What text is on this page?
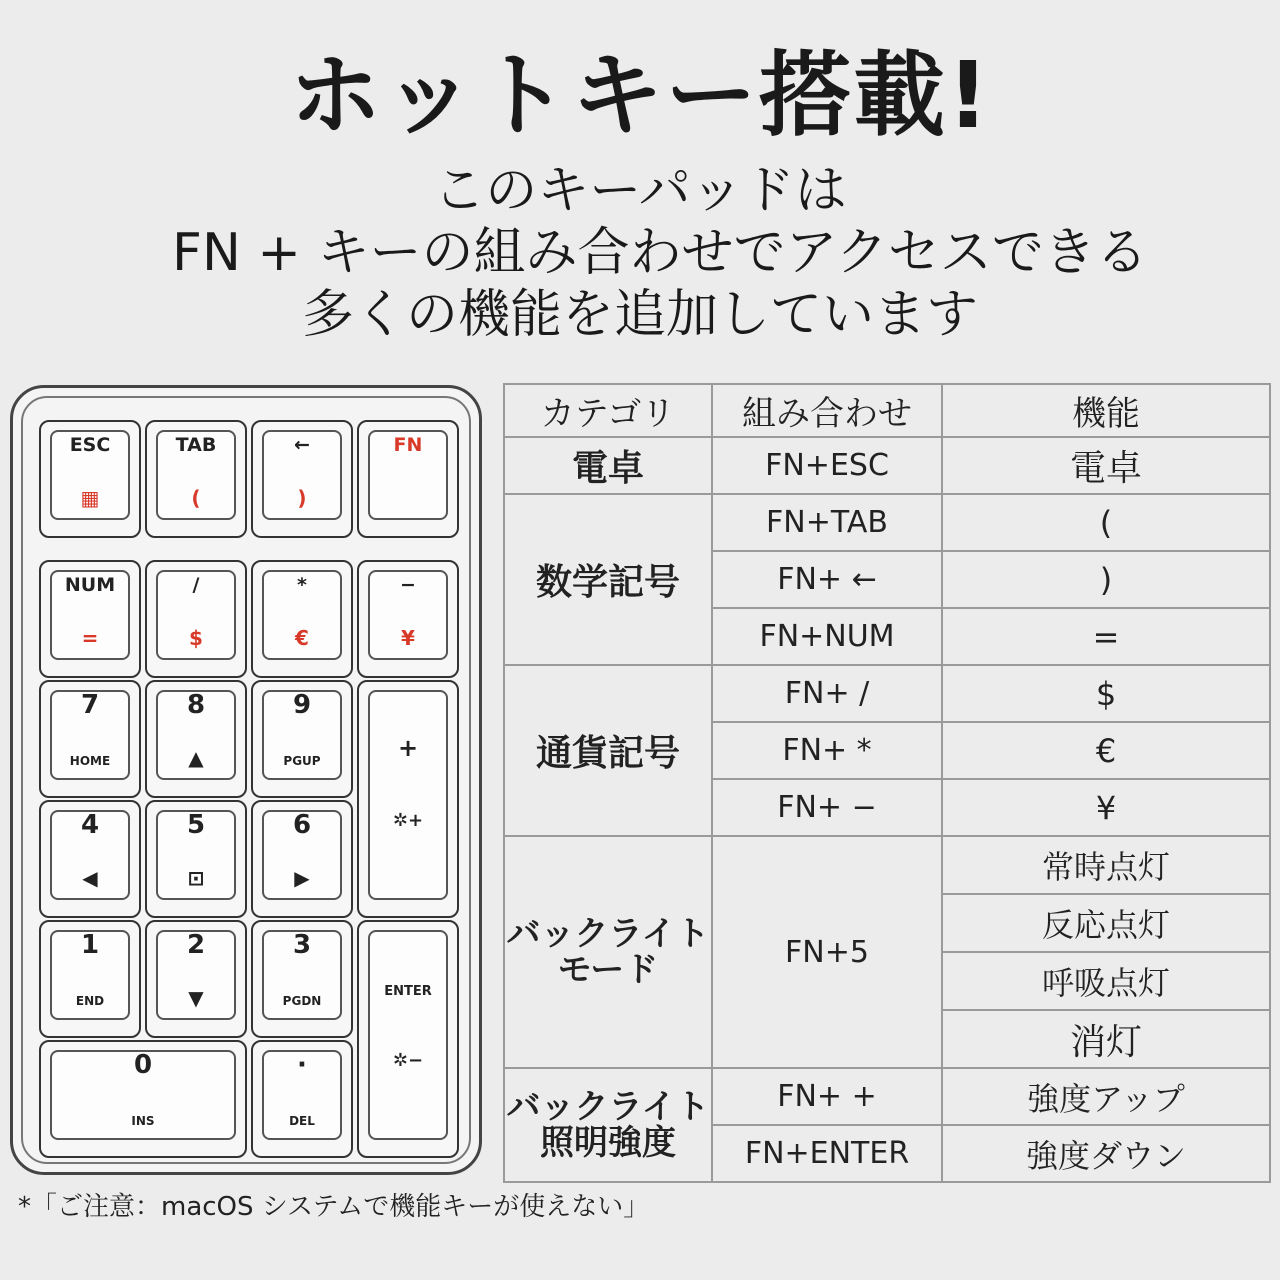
ホットキー搭載!
このキーパッドは
FN + キーの組み合わせでアクセスできる
多くの機能を追加しています
ESC
▦
TAB
(
←
)
FN
NUM
=
/
$
*
€
−
¥
7
HOME
8
▲
9
PGUP	+
✲+
4
◀
5
⊡
6
▶
1
END
2
▼
3
PGDN
ENTER
✲−
0
INS
·
DEL
カテゴリ	組み合わせ	機能
電卓	FN+ESC	電卓
数学記号	FN+TAB	(
	FN+ ←	)
	FN+NUM	=
通貨記号	FN+ /	$
	FN+ *	€
	FN+ −	¥

バックライト
モード	FN+5	常時点灯
		反応点灯
		呼吸点灯
		消灯

バックライト
照明強度	FN+ +	強度アップ
	FN+ENTER	強度ダウン
*「ご注意：macOS システムで機能キーが使えない」
